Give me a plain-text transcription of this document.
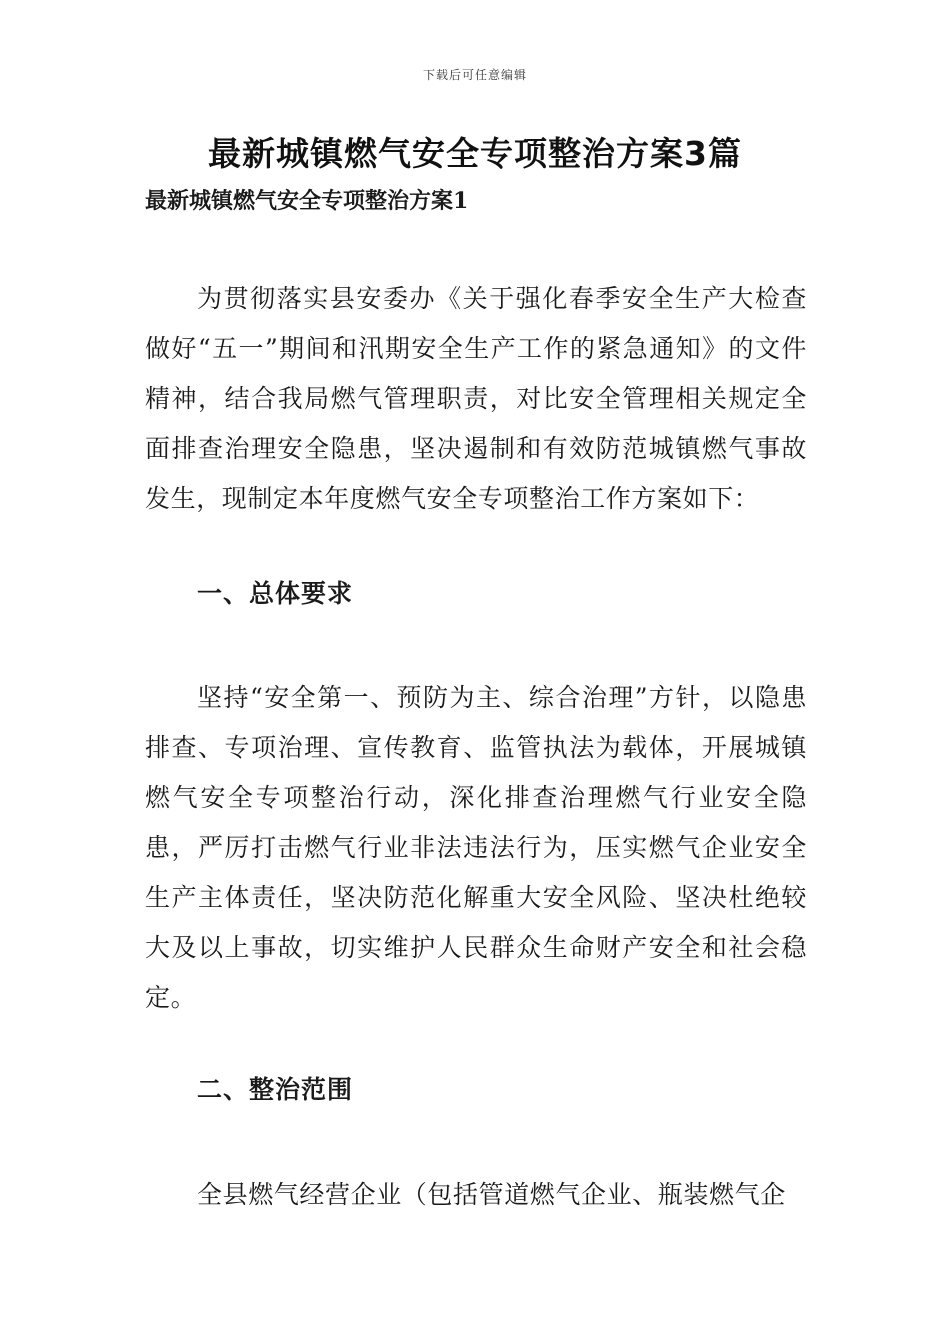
下载后可任意编辑
最新城镇燃气安全专项整治方案3篇
最新城镇燃气安全专项整治方案1

为贯彻落实县安委办《关于强化春季安全生产大检查做好“五一”期间和汛期安全生产工作的紧急通知》的文件精神，结合我局燃气管理职责，对比安全管理相关规定全面排查治理安全隐患，坚决遏制和有效防范城镇燃气事故发生，现制定本年度燃气安全专项整治工作方案如下：

一、总体要求

坚持“安全第一、预防为主、综合治理”方针，以隐患排查、专项治理、宣传教育、监管执法为载体，开展城镇燃气安全专项整治行动，深化排查治理燃气行业安全隐患，严厉打击燃气行业非法违法行为，压实燃气企业安全生产主体责任，坚决防范化解重大安全风险、坚决杜绝较大及以上事故，切实维护人民群众生命财产安全和社会稳定。

二、整治范围

全县燃气经营企业（包括管道燃气企业、瓶装燃气企
